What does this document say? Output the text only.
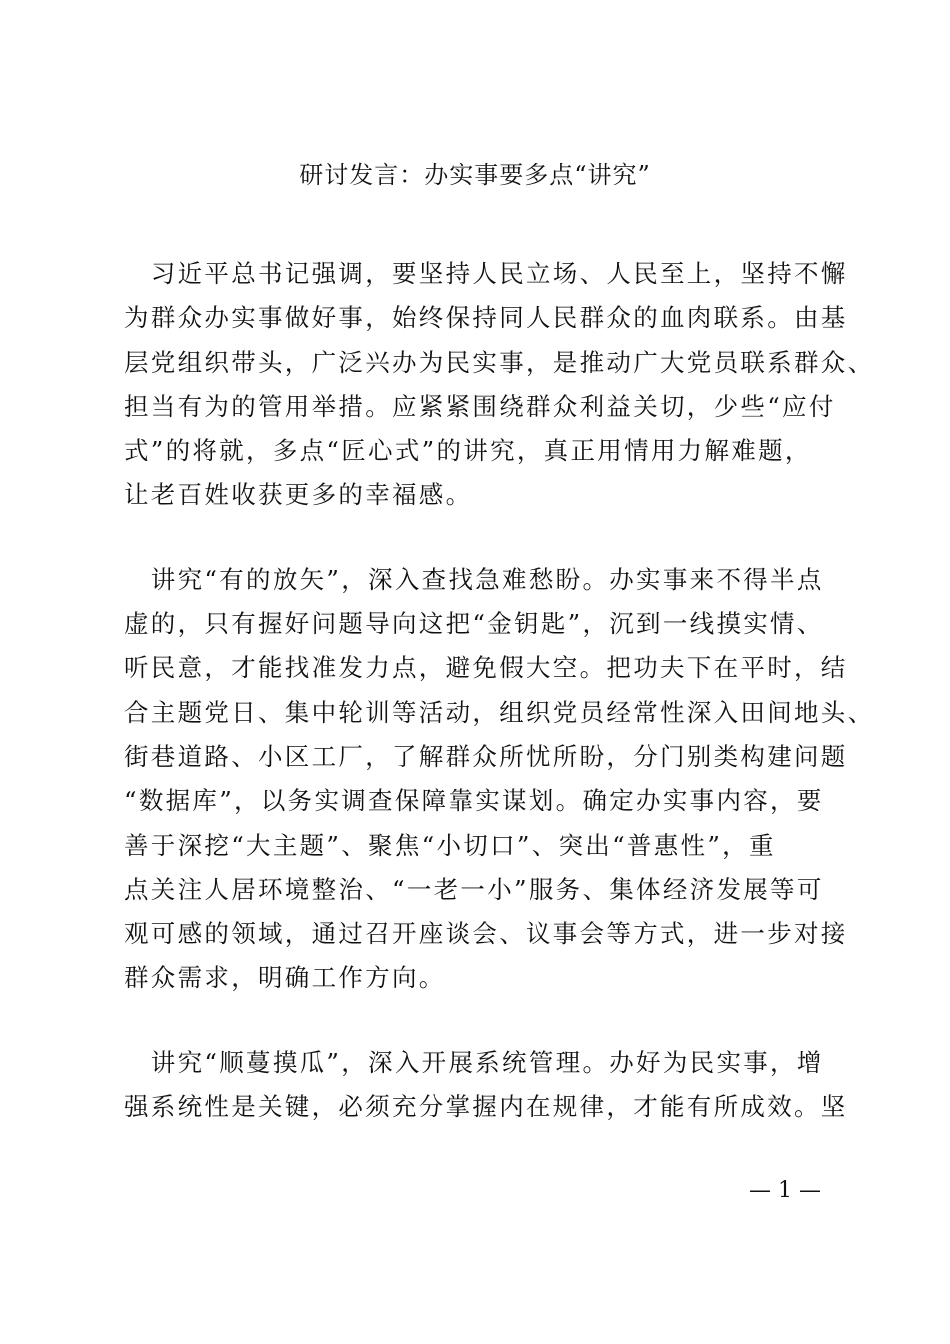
研讨发言：办实事要多点“讲究”
　习近平总书记强调，要坚持人民立场、人民至上，坚持不懈
为群众办实事做好事，始终保持同人民群众的血肉联系。由基
层党组织带头，广泛兴办为民实事，是推动广大党员联系群众、
担当有为的管用举措。应紧紧围绕群众利益关切，少些“应付
式”的将就，多点“匠心式”的讲究，真正用情用力解难题，
让老百姓收获更多的幸福感。
　讲究“有的放矢”，深入查找急难愁盼。办实事来不得半点
虚的，只有握好问题导向这把“金钥匙”，沉到一线摸实情、
听民意，才能找准发力点，避免假大空。把功夫下在平时，结
合主题党日、集中轮训等活动，组织党员经常性深入田间地头、
街巷道路、小区工厂，了解群众所忧所盼，分门别类构建问题
“数据库”，以务实调查保障靠实谋划。确定办实事内容，要
善于深挖“大主题”、聚焦“小切口”、突出“普惠性”，重
点关注人居环境整治、“一老一小”服务、集体经济发展等可
观可感的领域，通过召开座谈会、议事会等方式，进一步对接
群众需求，明确工作方向。
　讲究“顺蔓摸瓜”，深入开展系统管理。办好为民实事，增
强系统性是关键，必须充分掌握内在规律，才能有所成效。坚
— 1 —
